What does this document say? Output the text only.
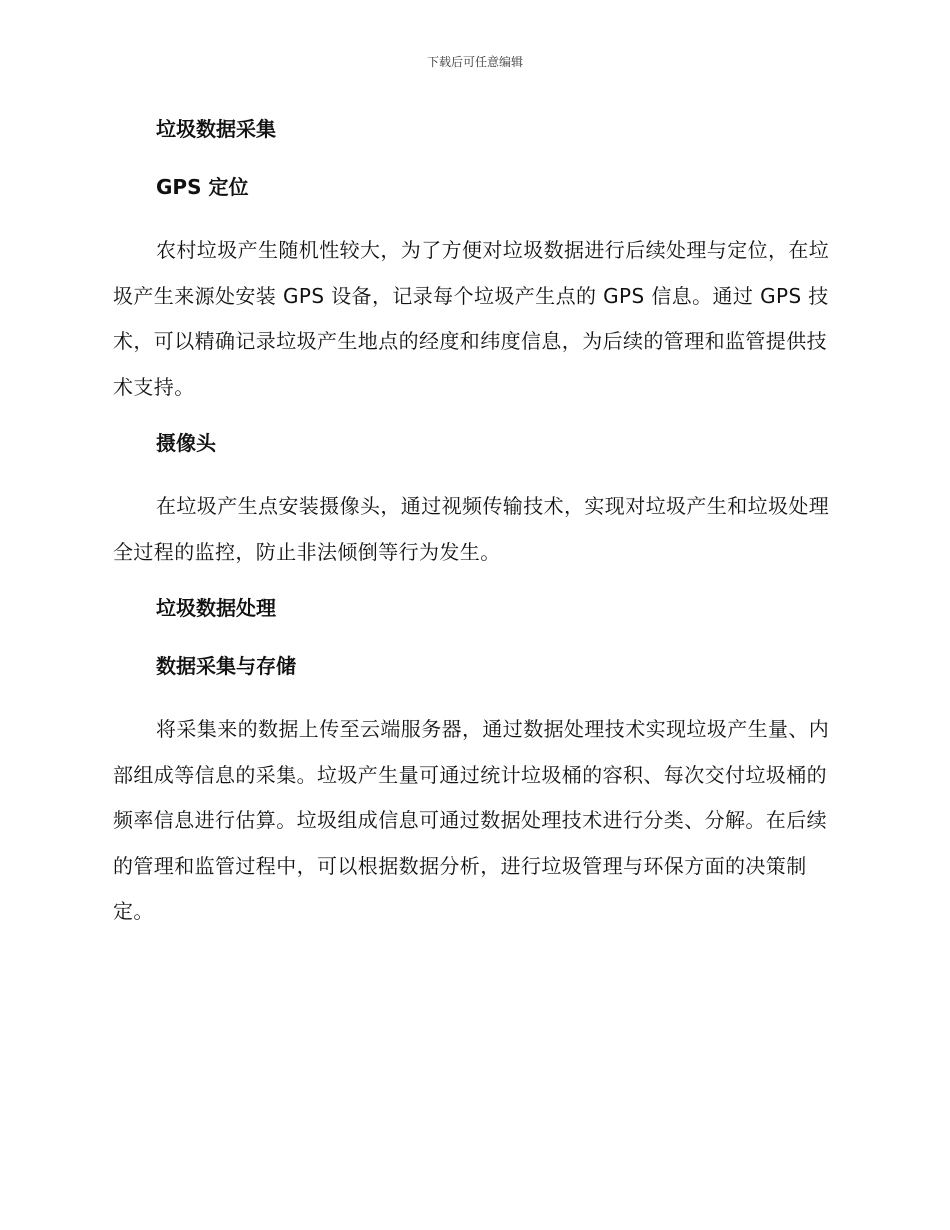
下载后可任意编辑
垃圾数据采集
GPS 定位

农村垃圾产生随机性较大，为了方便对垃圾数据进行后续处理与定位，在垃圾产生来源处安装 GPS 设备，记录每个垃圾产生点的 GPS 信息。通过 GPS 技术，可以精确记录垃圾产生地点的经度和纬度信息，为后续的管理和监管提供技术支持。

摄像头

在垃圾产生点安装摄像头，通过视频传输技术，实现对垃圾产生和垃圾处理全过程的监控，防止非法倾倒等行为发生。

垃圾数据处理
数据采集与存储

将采集来的数据上传至云端服务器，通过数据处理技术实现垃圾产生量、内部组成等信息的采集。垃圾产生量可通过统计垃圾桶的容积、每次交付垃圾桶的频率信息进行估算。垃圾组成信息可通过数据处理技术进行分类、分解。在后续的管理和监管过程中，可以根据数据分析，进行垃圾管理与环保方面的决策制定。
